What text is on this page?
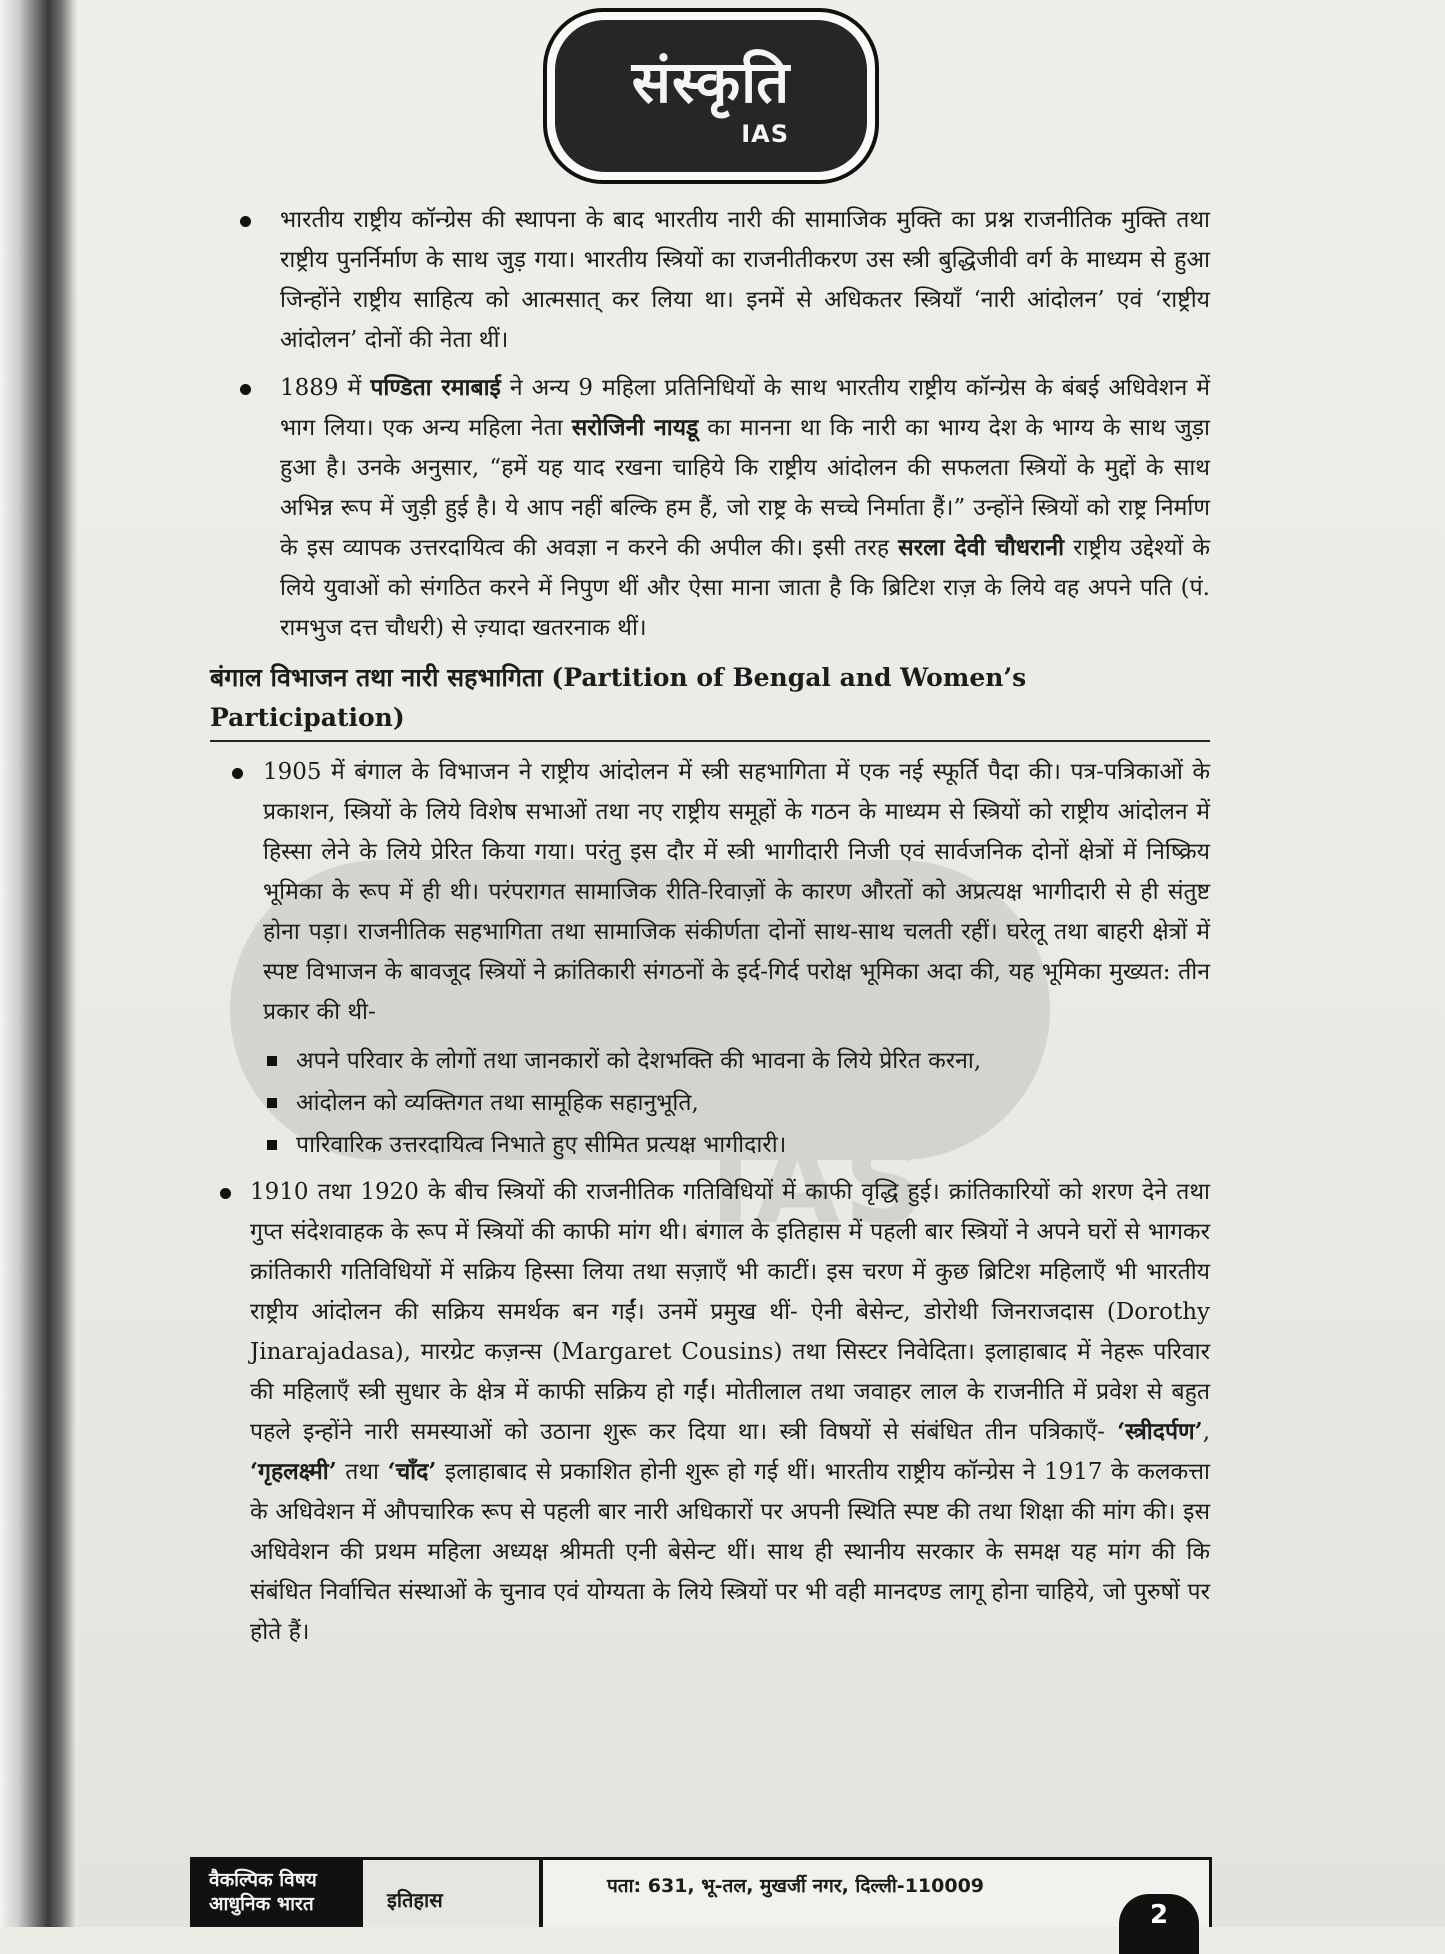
संस्कृति
IAS

भारतीय राष्ट्रीय कॉन्ग्रेस की स्थापना के बाद भारतीय नारी की सामाजिक मुक्ति का प्रश्न राजनीतिक मुक्ति तथा राष्ट्रीय पुनर्निर्माण के साथ जुड़ गया। भारतीय स्त्रियों का राजनीतीकरण उस स्त्री बुद्धिजीवी वर्ग के माध्यम से हुआ जिन्होंने राष्ट्रीय साहित्य को आत्मसात् कर लिया था। इनमें से अधिकतर स्त्रियाँ ‘नारी आंदोलन’ एवं ‘राष्ट्रीय आंदोलन’ दोनों की नेता थीं।

1889 में पण्डिता रमाबाई ने अन्य 9 महिला प्रतिनिधियों के साथ भारतीय राष्ट्रीय कॉन्ग्रेस के बंबई अधिवेशन में भाग लिया। एक अन्य महिला नेता सरोजिनी नायडू का मानना था कि नारी का भाग्य देश के भाग्य के साथ जुड़ा हुआ है। उनके अनुसार, “हमें यह याद रखना चाहिये कि राष्ट्रीय आंदोलन की सफलता स्त्रियों के मुद्दों के साथ अभिन्न रूप में जुड़ी हुई है। ये आप नहीं बल्कि हम हैं, जो राष्ट्र के सच्चे निर्माता हैं।” उन्होंने स्त्रियों को राष्ट्र निर्माण के इस व्यापक उत्तरदायित्व की अवज्ञा न करने की अपील की। इसी तरह सरला देवी चौधरानी राष्ट्रीय उद्देश्यों के लिये युवाओं को संगठित करने में निपुण थीं और ऐसा माना जाता है कि ब्रिटिश राज़ के लिये वह अपने पति (पं. रामभुज दत्त चौधरी) से ज़्यादा खतरनाक थीं।

बंगाल विभाजन तथा नारी सहभागिता (Partition of Bengal and Women’s Participation)

1905 में बंगाल के विभाजन ने राष्ट्रीय आंदोलन में स्त्री सहभागिता में एक नई स्फूर्ति पैदा की। पत्र-पत्रिकाओं के प्रकाशन, स्त्रियों के लिये विशेष सभाओं तथा नए राष्ट्रीय समूहों के गठन के माध्यम से स्त्रियों को राष्ट्रीय आंदोलन में हिस्सा लेने के लिये प्रेरित किया गया। परंतु इस दौर में स्त्री भागीदारी निजी एवं सार्वजनिक दोनों क्षेत्रों में निष्क्रिय भूमिका के रूप में ही थी। परंपरागत सामाजिक रीति-रिवाज़ों के कारण औरतों को अप्रत्यक्ष भागीदारी से ही संतुष्ट होना पड़ा। राजनीतिक सहभागिता तथा सामाजिक संकीर्णता दोनों साथ-साथ चलती रहीं। घरेलू तथा बाहरी क्षेत्रों में स्पष्ट विभाजन के बावजूद स्त्रियों ने क्रांतिकारी संगठनों के इर्द-गिर्द परोक्ष भूमिका अदा की, यह भूमिका मुख्यत: तीन प्रकार की थी-

अपने परिवार के लोगों तथा जानकारों को देशभक्ति की भावना के लिये प्रेरित करना,
आंदोलन को व्यक्तिगत तथा सामूहिक सहानुभूति,
पारिवारिक उत्तरदायित्व निभाते हुए सीमित प्रत्यक्ष भागीदारी।

1910 तथा 1920 के बीच स्त्रियों की राजनीतिक गतिविधियों में काफी वृद्धि हुई। क्रांतिकारियों को शरण देने तथा गुप्त संदेशवाहक के रूप में स्त्रियों की काफी मांग थी। बंगाल के इतिहास में पहली बार स्त्रियों ने अपने घरों से भागकर क्रांतिकारी गतिविधियों में सक्रिय हिस्सा लिया तथा सज़ाएँ भी काटीं। इस चरण में कुछ ब्रिटिश महिलाएँ भी भारतीय राष्ट्रीय आंदोलन की सक्रिय समर्थक बन गईं। उनमें प्रमुख थीं- ऐनी बेसेन्ट, डोरोथी जिनराजदास (Dorothy Jinarajadasa), मारग्रेट कज़न्स (Margaret Cousins) तथा सिस्टर निवेदिता। इलाहाबाद में नेहरू परिवार की महिलाएँ स्त्री सुधार के क्षेत्र में काफी सक्रिय हो गईं। मोतीलाल तथा जवाहर लाल के राजनीति में प्रवेश से बहुत पहले इन्होंने नारी समस्याओं को उठाना शुरू कर दिया था। स्त्री विषयों से संबंधित तीन पत्रिकाएँ- ‘स्त्रीदर्पण’, ‘गृहलक्ष्मी’ तथा ‘चाँद’ इलाहाबाद से प्रकाशित होनी शुरू हो गई थीं। भारतीय राष्ट्रीय कॉन्ग्रेस ने 1917 के कलकत्ता के अधिवेशन में औपचारिक रूप से पहली बार नारी अधिकारों पर अपनी स्थिति स्पष्ट की तथा शिक्षा की मांग की। इस अधिवेशन की प्रथम महिला अध्यक्ष श्रीमती एनी बेसेन्ट थीं। साथ ही स्थानीय सरकार के समक्ष यह मांग की कि संबंधित निर्वाचित संस्थाओं के चुनाव एवं योग्यता के लिये स्त्रियों पर भी वही मानदण्ड लागू होना चाहिये, जो पुरुषों पर होते हैं।

वैकल्पिक विषय
आधुनिक भारत	इतिहास
पता: 631, भू-तल, मुखर्जी नगर, दिल्ली-110009
2
